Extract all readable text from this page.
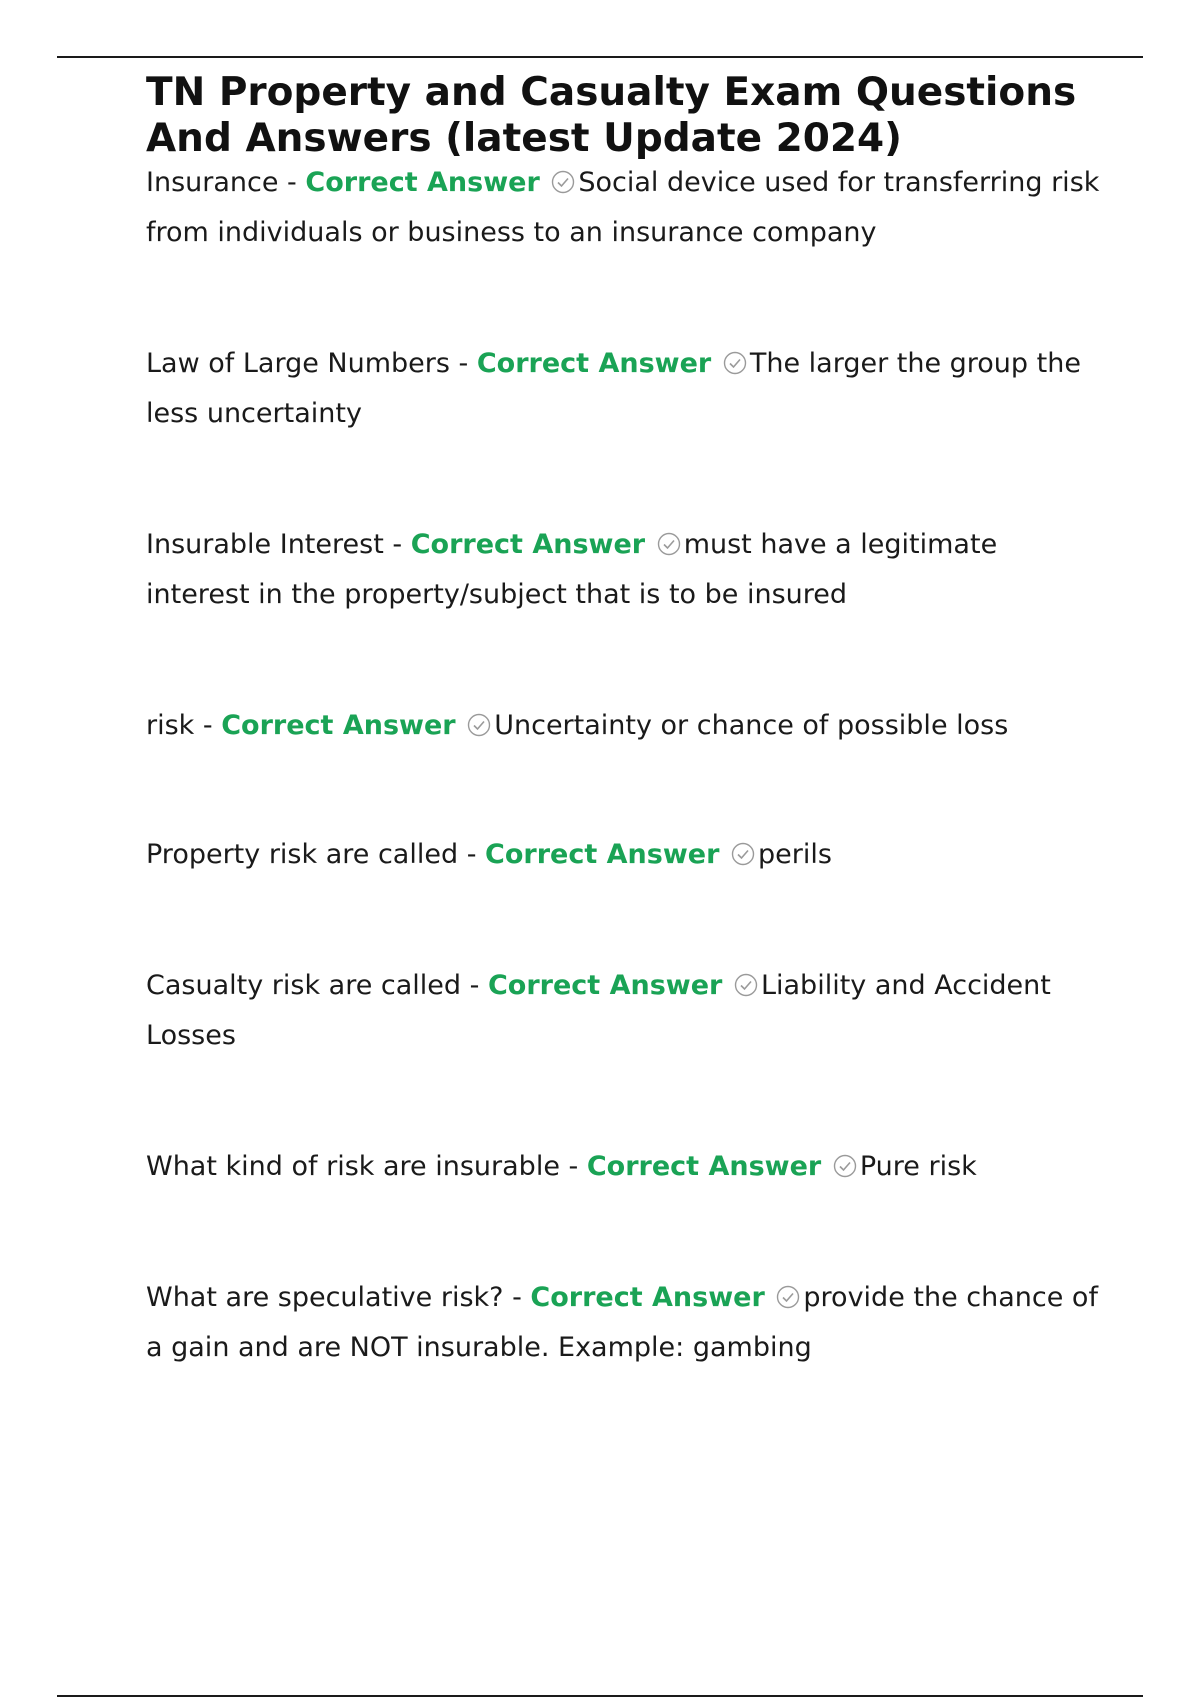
TN Property and Casualty Exam Questions And Answers (latest Update 2024)

Insurance - Correct Answer Social device used for transferring risk from individuals or business to an insurance company

Law of Large Numbers - Correct Answer The larger the group the less uncertainty

Insurable Interest - Correct Answer must have a legitimate interest in the property/subject that is to be insured

risk - Correct Answer Uncertainty or chance of possible loss

Property risk are called - Correct Answer perils

Casualty risk are called - Correct Answer Liability and Accident Losses

What kind of risk are insurable - Correct Answer Pure risk

What are speculative risk? - Correct Answer provide the chance of a gain and are NOT insurable. Example: gambing
